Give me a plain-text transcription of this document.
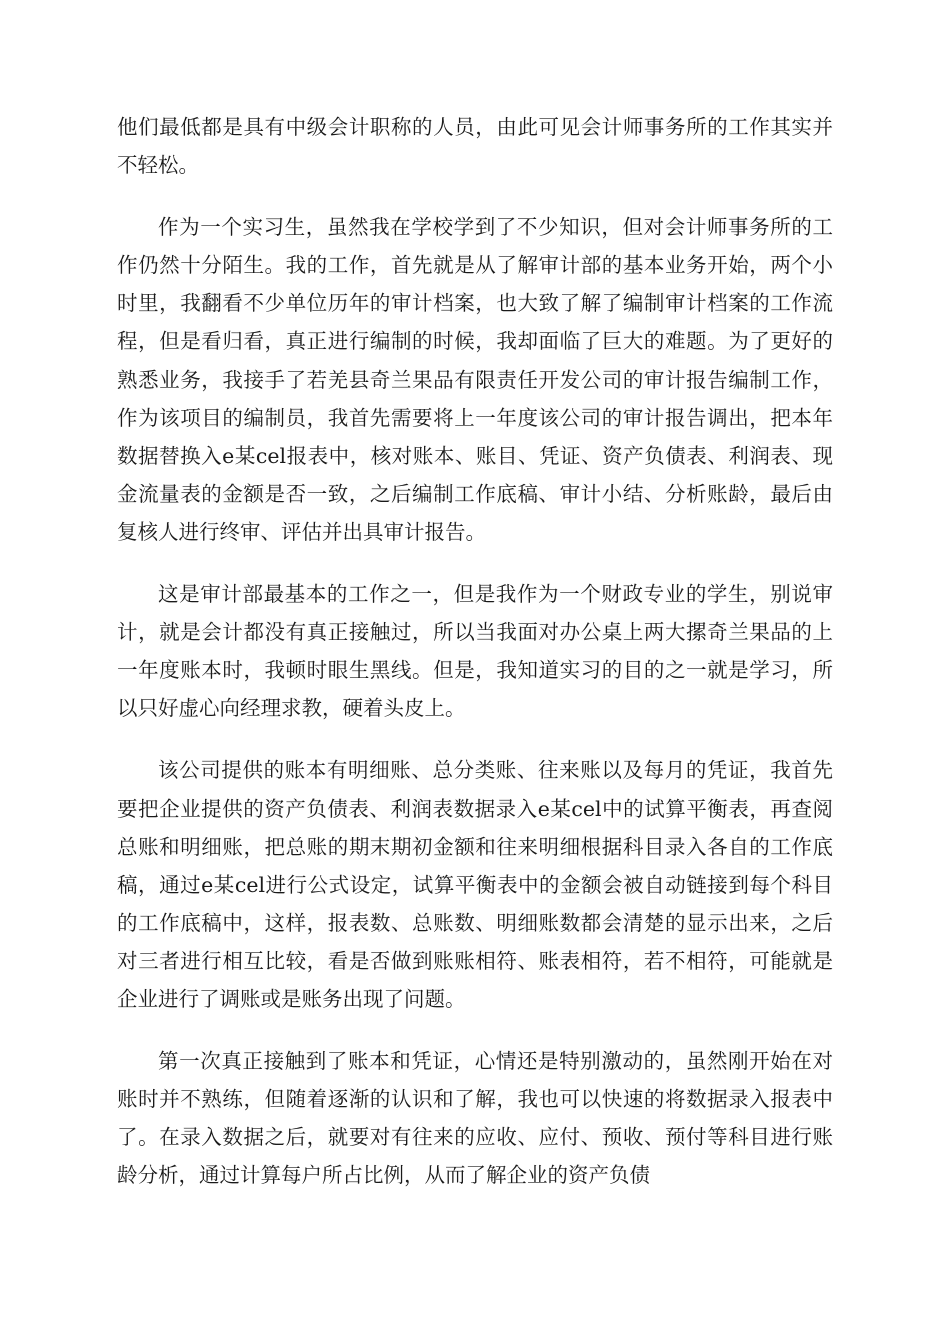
他们最低都是具有中级会计职称的人员，由此可见会计师事务所的工作其实并不轻松。

作为一个实习生，虽然我在学校学到了不少知识，但对会计师事务所的工作仍然十分陌生。我的工作，首先就是从了解审计部的基本业务开始，两个小时里，我翻看不少单位历年的审计档案，也大致了解了编制审计档案的工作流程，但是看归看，真正进行编制的时候，我却面临了巨大的难题。为了更好的熟悉业务，我接手了若羌县奇兰果品有限责任开发公司的审计报告编制工作，作为该项目的编制员，我首先需要将上一年度该公司的审计报告调出，把本年数据替换入e某cel报表中，核对账本、账目、凭证、资产负债表、利润表、现金流量表的金额是否一致，之后编制工作底稿、审计小结、分析账龄，最后由复核人进行终审、评估并出具审计报告。

这是审计部最基本的工作之一，但是我作为一个财政专业的学生，别说审计，就是会计都没有真正接触过，所以当我面对办公桌上两大摞奇兰果品的上一年度账本时，我顿时眼生黑线。但是，我知道实习的目的之一就是学习，所以只好虚心向经理求教，硬着头皮上。

该公司提供的账本有明细账、总分类账、往来账以及每月的凭证，我首先要把企业提供的资产负债表、利润表数据录入e某cel中的试算平衡表，再查阅总账和明细账，把总账的期末期初金额和往来明细根据科目录入各自的工作底稿，通过e某cel进行公式设定，试算平衡表中的金额会被自动链接到每个科目的工作底稿中，这样，报表数、总账数、明细账数都会清楚的显示出来，之后对三者进行相互比较，看是否做到账账相符、账表相符，若不相符，可能就是企业进行了调账或是账务出现了问题。

第一次真正接触到了账本和凭证，心情还是特别激动的，虽然刚开始在对账时并不熟练，但随着逐渐的认识和了解，我也可以快速的将数据录入报表中了。在录入数据之后，就要对有往来的应收、应付、预收、预付等科目进行账龄分析，通过计算每户所占比例，从而了解企业的资产负债
